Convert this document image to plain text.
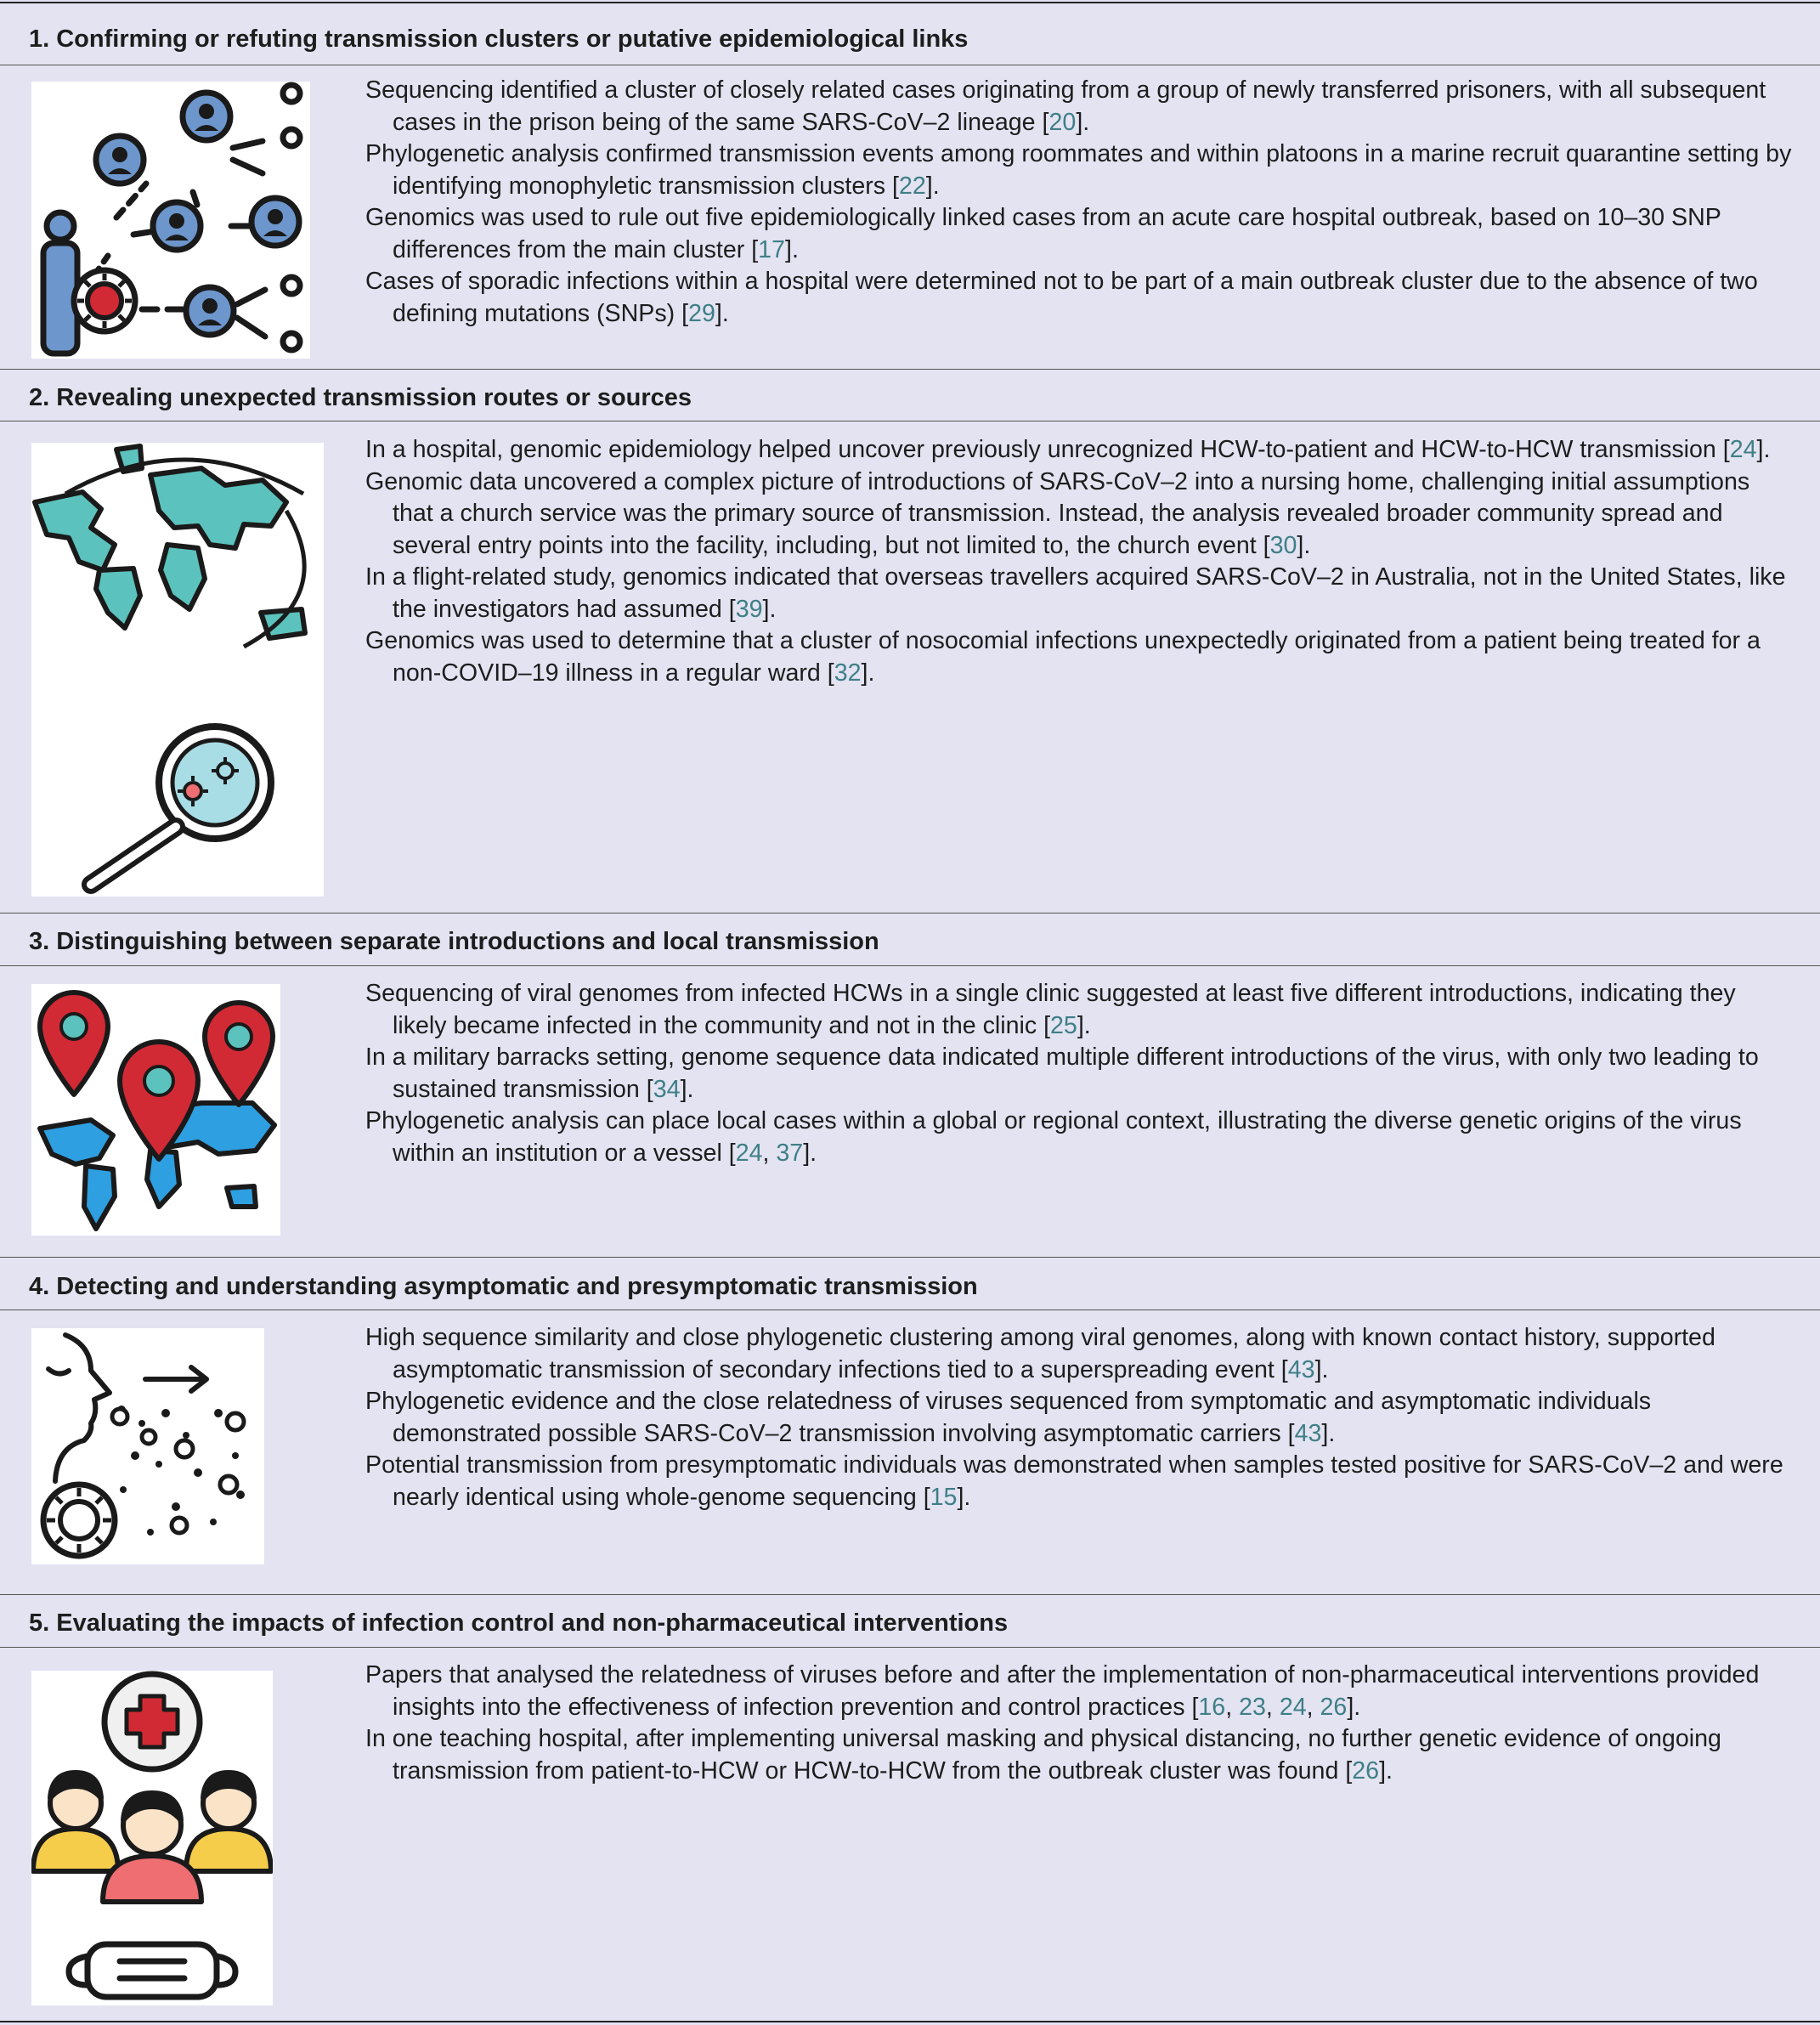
1. Confirming or refuting transmission clusters or putative epidemiological links
Sequencing identified a cluster of closely related cases originating from a group of newly transferred prisoners, with all subsequent cases in the prison being of the same SARS-CoV–2 lineage [20].
Phylogenetic analysis confirmed transmission events among roommates and within platoons in a marine recruit quarantine setting by identifying monophyletic transmission clusters [22].
Genomics was used to rule out five epidemiologically linked cases from an acute care hospital outbreak, based on 10–30 SNP differences from the main cluster [17].
Cases of sporadic infections within a hospital were determined not to be part of a main outbreak cluster due to the absence of two defining mutations (SNPs) [29].
2. Revealing unexpected transmission routes or sources
In a hospital, genomic epidemiology helped uncover previously unrecognized HCW-to-patient and HCW-to-HCW transmission [24].
Genomic data uncovered a complex picture of introductions of SARS-CoV–2 into a nursing home, challenging initial assumptions that a church service was the primary source of transmission. Instead, the analysis revealed broader community spread and several entry points into the facility, including, but not limited to, the church event [30].
In a flight-related study, genomics indicated that overseas travellers acquired SARS-CoV–2 in Australia, not in the United States, like the investigators had assumed [39].
Genomics was used to determine that a cluster of nosocomial infections unexpectedly originated from a patient being treated for a non-COVID–19 illness in a regular ward [32].
3. Distinguishing between separate introductions and local transmission
Sequencing of viral genomes from infected HCWs in a single clinic suggested at least five different introductions, indicating they likely became infected in the community and not in the clinic [25].
In a military barracks setting, genome sequence data indicated multiple different introductions of the virus, with only two leading to sustained transmission [34].
Phylogenetic analysis can place local cases within a global or regional context, illustrating the diverse genetic origins of the virus within an institution or a vessel [24, 37].
4. Detecting and understanding asymptomatic and presymptomatic transmission
High sequence similarity and close phylogenetic clustering among viral genomes, along with known contact history, supported asymptomatic transmission of secondary infections tied to a superspreading event [43].
Phylogenetic evidence and the close relatedness of viruses sequenced from symptomatic and asymptomatic individuals demonstrated possible SARS-CoV–2 transmission involving asymptomatic carriers [43].
Potential transmission from presymptomatic individuals was demonstrated when samples tested positive for SARS-CoV–2 and were nearly identical using whole-genome sequencing [15].
5. Evaluating the impacts of infection control and non-pharmaceutical interventions
Papers that analysed the relatedness of viruses before and after the implementation of non-pharmaceutical interventions provided insights into the effectiveness of infection prevention and control practices [16, 23, 24, 26].
In one teaching hospital, after implementing universal masking and physical distancing, no further genetic evidence of ongoing transmission from patient-to-HCW or HCW-to-HCW from the outbreak cluster was found [26].
